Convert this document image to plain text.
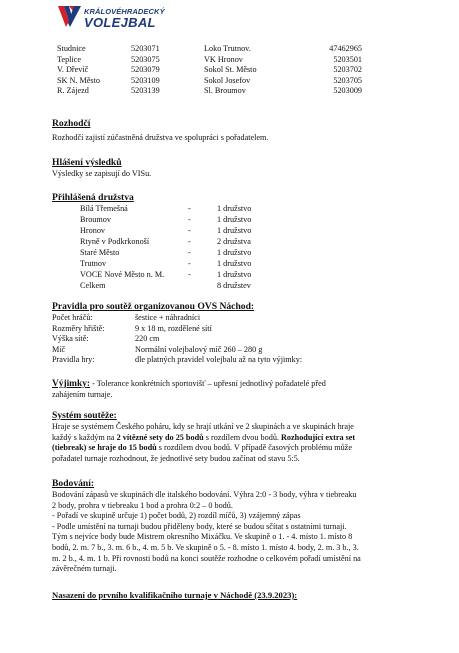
KRÁLOVÉHRADECKÝ
VOLEJBAL
Studnice	5203071	Loko Trutnov.	47462965
Teplice	5203075	VK Hronov	5203501
V. Dřevíč	5203079	Sokol St. Město	5203702
SK N. Město	5203109	Sokol Josefov	5203705
R. Zájezd	5203139	Sl. Broumov	5203009
Rozhodčí
Rozhodčí zajistí zúčastněná družstva ve spolupráci s pořadatelem.
Hlášení výsledků
Výsledky se zapisují do VISu.
Přihlášená družstva
Bílá Třemešná	-	1 družstvo
Broumov	-	1 družstvo
Hronov	-	1 družstvo
Rtyně v Podkrkonoší	-	2 družstva
Staré Město	-	1 družstvo
Trutnov	-	1 družstvo
VOCE Nové Město n. M.	-	1 družstvo
Celkem	8 družstev
Pravidla pro soutěž organizovanou OVS Náchod:
Počet hráčů:	šestice + náhradníci
Rozměry hřiště:	9 x 18 m, rozdělené sítí
Výška sítě:	220 cm
Míč	Normální volejbalový míč 260 – 280 g
Pravidla hry:	dle platných pravidel volejbalu až na tyto výjimky:
Výjimky: - Tolerance konkrétních sportovišť – upřesní jednotlivý pořadatelé před
zahájením turnaje.
Systém soutěže:
Hraje se systémem Českého poháru, kdy se hrají utkání ve 2 skupinách a ve skupinách hraje
každý s každým na 2 vítězné sety do 25 bodů s rozdílem dvou bodů. Rozhodující extra set
(tiebreak) se hraje do 15 bodů s rozdílem dvou bodů. V případě časových problému může
pořadatel turnaje rozhodnout, že jednotlivé sety budou začínat od stavu 5:5.
Bodování:
Bodování zápasů ve skupinách dle italského bodování. Výhra 2:0 - 3 body, výhra v tiebreaku
2 body, prohra v tiebreaku 1 bod a prohra 0:2 – 0 bodů.
- Pořadí ve skupině určuje 1) počet bodů, 2) rozdíl míčů, 3) vzájemný zápas
- Podle umístění na turnaji budou přiděleny body, které se budou sčítat s ostatními turnaji.
Tým s nejvíce body bude Mistrem okresního Mixáčku. Ve skupině o 1. - 4. místo 1. místo 8
bodů, 2. m. 7 b., 3. m. 6 b., 4. m. 5 b. Ve skupině o 5. - 8. místo 1. místo 4. body, 2. m. 3 b., 3.
m. 2 b., 4. m. 1 b. Při rovnosti bodů na konci soutěže rozhodne o celkovém pořadí umístění na
závěrečném turnaji.
Nasazení do prvního kvalifikačního turnaje v Náchodě (23.9.2023):
